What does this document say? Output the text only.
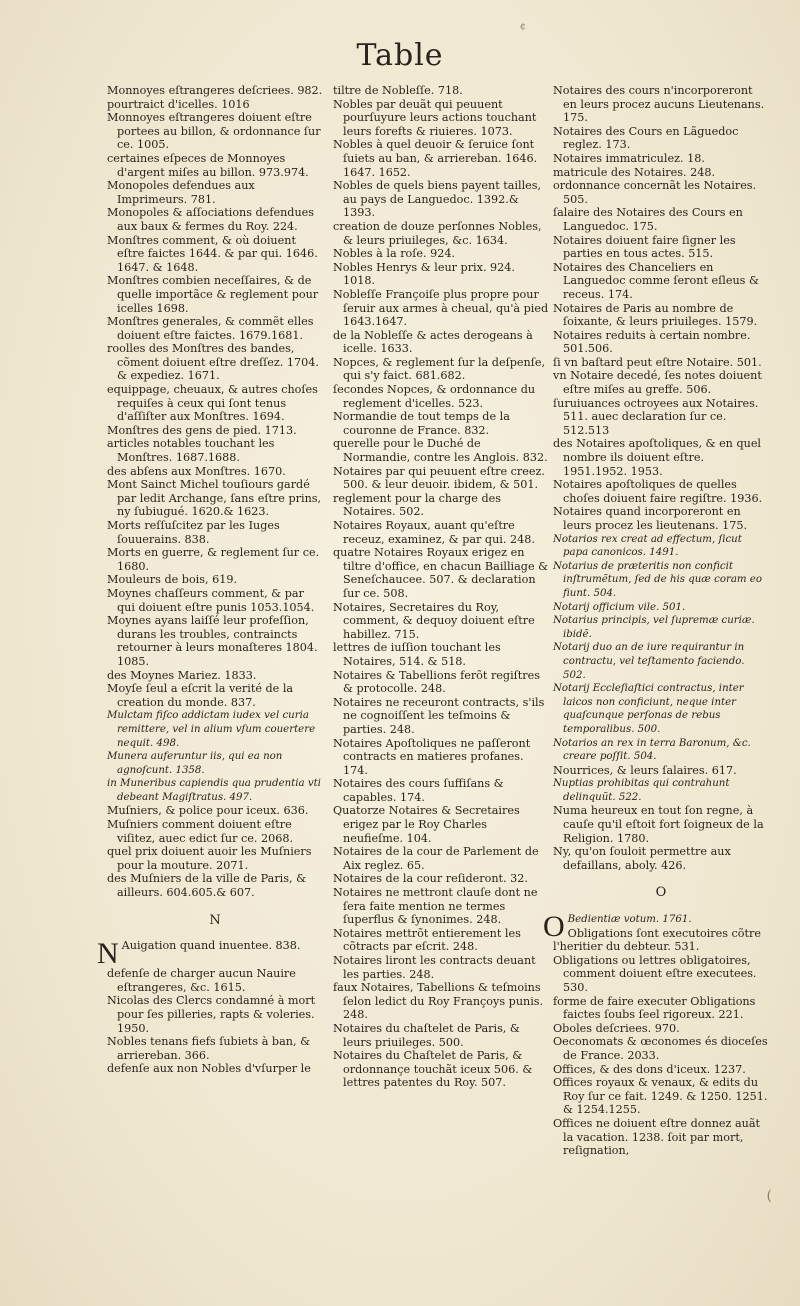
¢
Table

Monnoyes eſtrangeres deſcriees. 982.

pourtraict d'icelles. 1016

Monnoyes eſtrangeres doiuent eſtre portees au billon, & ordonnance ſur ce. 1005.

certaines eſpeces de Monnoyes d'argent miſes au billon. 973.974.

Monopoles defendues aux Imprimeurs. 781.

Monopoles & aſſociations defendues aux baux & fermes du Roy. 224.

Monſtres comment, & où doiuent eſtre faictes 1644. & par qui. 1646. 1647. & 1648.

Monſtres combien neceſſaires, & de quelle importãce & reglement pour icelles 1698.

Monſtres generales, & commẽt elles doiuent eſtre faictes. 1679.1681.

roolles des Monſtres des bandes, cõment doiuent eſtre dreſſez. 1704. & expediez. 1671.

equippage, cheuaux, & autres choſes requiſes à ceux qui ſont tenus d'aſſiſter aux Monſtres. 1694.

Monſtres des gens de pied. 1713.

articles notables touchant les Monſtres. 1687.1688.

des abſens aux Monſtres. 1670.

Mont Sainct Michel touſiours gardé par ledit Archange, ſans eſtre prins, ny ſubiugué. 1620.& 1623.

Morts reſſuſcitez par les Iuges ſouuerains. 838.

Morts en guerre, & reglement ſur ce. 1680.

Mouleurs de bois, 619.

Moynes chaſſeurs comment, & par qui doiuent eſtre punis 1053.1054.

Moynes ayans laiſſé leur profeſſion, durans les troubles, contraincts retourner à leurs monaſteres 1804. 1085.

des Moynes Mariez. 1833.

Moyſe ſeul a eſcrit la verité de la creation du monde. 837.

Mulctam fiſco addictam iudex vel curia remittere, vel in alium vſum couertere nequit. 498.

Munera auferuntur iis, qui ea non agnoſcunt. 1358.

in Muneribus capiendis qua prudentia vti debeant Magiſtratus. 497.

Muſniers, & police pour iceux. 636.

Muſniers comment doiuent eſtre viſitez, auec edict ſur ce. 2068.

quel prix doiuent auoir les Muſniers pour la mouture. 2071.

des Muſniers de la ville de Paris, & ailleurs. 604.605.& 607.

N

N Auigation quand inuentee. 838.

defenſe de charger aucun Nauire eſtrangeres, &c. 1615.

Nicolas des Clercs condamné à mort pour ſes pilleries, rapts & voleries. 1950.

Nobles tenans fiefs ſubiets à ban, & arriereban. 366.

defenſe aux non Nobles d'vſurper le

tiltre de Nobleſſe. 718.

Nobles par deuãt qui peuuent pourſuyure leurs actions touchant leurs forefts & riuieres. 1073.

Nobles à quel deuoir & ſeruice ſont ſuiets au ban, & arriereban. 1646. 1647. 1652.

Nobles de quels biens payent tailles, au pays de Languedoc. 1392.& 1393.

creation de douze perſonnes Nobles, & leurs priuileges, &c. 1634.

Nobles à la roſe. 924.

Nobles Henrys & leur prix. 924. 1018.

Nobleſſe Françoiſe plus propre pour ſeruir aux armes à cheual, qu'à pied 1643.1647.

de la Nobleſſe & actes derogeans à icelle. 1633.

Nopces, & reglement ſur la deſpenſe, qui s'y faict. 681.682.

ſecondes Nopces, & ordonnance du reglement d'icelles. 523.

Normandie de tout temps de la couronne de France. 832.

querelle pour le Duché de Normandie, contre les Anglois. 832.

Notaires par qui peuuent eſtre creez. 500. & leur deuoir. ibidem, & 501.

reglement pour la charge des Notaires. 502.

Notaires Royaux, auant qu'eſtre receuz, examinez, & par qui. 248.

quatre Notaires Royaux erigez en tiltre d'office, en chacun Bailliage & Seneſchaucee. 507. & declaration ſur ce. 508.

Notaires, Secretaires du Roy, comment, & dequoy doiuent eſtre habillez. 715.

lettres de iuſſion touchant les Notaires, 514. & 518.

Notaires & Tabellions ferõt regiſtres & protocolle. 248.

Notaires ne receuront contracts, s'ils ne cognoiſſent les teſmoins & parties. 248.

Notaires Apoſtoliques ne paſſeront contracts en matieres profanes. 174.

Notaires des cours ſuffiſans & capables. 174.

Quatorze Notaires & Secretaires erigez par le Roy Charles neufieſme. 104.

Notaires de la cour de Parlement de Aix reglez. 65.

Notaires de la cour reſideront. 32.

Notaires ne mettront clauſe dont ne ſera faite mention ne termes ſuperflus & ſynonimes. 248.

Notaires mettrõt entierement les cõtracts par eſcrit. 248.

Notaires liront les contracts deuant les parties. 248.

faux Notaires, Tabellions & teſmoins ſelon ledict du Roy Françoys punis. 248.

Notaires du chaſtelet de Paris, & leurs priuileges. 500.

Notaires du Chaſtelet de Paris, & ordonnançe touchãt iceux 506. & lettres patentes du Roy. 507.

Notaires des cours n'incorporeront en leurs procez aucuns Lieutenans. 175.

Notaires des Cours en Lãguedoc reglez. 173.

Notaires immatriculez. 18.

matricule des Notaires. 248.

ordonnance concernãt les Notaires. 505.

ſalaire des Notaires des Cours en Languedoc. 175.

Notaires doiuent faire ſigner les parties en tous actes. 515.

Notaires des Chanceliers en Languedoc comme ſeront eſleus & receus. 174.

Notaires de Paris au nombre de ſoixante, & leurs priuileges. 1579.

Notaires reduits à certain nombre. 501.506.

ſi vn baſtard peut eſtre Notaire. 501.

vn Notaire decedé, ſes notes doiuent eſtre miſes au greffe. 506.

ſuruiuances octroyees aux Notaires. 511. auec declaration ſur ce. 512.513

des Notaires apoſtoliques, & en quel nombre ils doiuent eſtre. 1951.1952. 1953.

Notaires apoſtoliques de quelles choſes doiuent faire regiſtre. 1936.

Notaires quand incorporeront en leurs procez les lieutenans. 175.

Notarios rex creat ad effectum, ſicut papa canonicos. 1491.

Notarius de præteritis non conficit inſtrumẽtum, ſed de his quæ coram eo fiunt. 504.

Notarij officium vile. 501.

Notarius principis, vel ſupremæ curiæ. ibidẽ.

Notarij duo an de iure requirantur in contractu, vel teſtamento faciendo. 502.

Notarij Eccleſiaſtici contractus, inter laicos non conficiunt, neque inter quaſcunque perſonas de rebus temporalibus. 500.

Notarios an rex in terra Baronum, &c. creare poſſit. 504.

Nourrices, & leurs ſalaires. 617.

Nuptias prohibitas qui contrahunt delinquũt. 522.

Numa heureux en tout ſon regne, à cauſe qu'il eſtoit fort ſoigneux de la Religion. 1780.

Ny, qu'on ſouloit permettre aux defaillans, aboly. 426.

O

O Bedientiæ votum. 1761.
Obligations ſont executoires cõtre l'heritier du debteur. 531.

Obligations ou lettres obligatoires, comment doiuent eſtre executees. 530.

forme de faire executer Obligations faictes ſoubs ſeel rigoreux. 221.

Oboles deſcriees. 970.

Oeconomats & œconomes és dioceſes de France. 2033.

Offices, & des dons d'iceux. 1237.

Offices royaux & venaux, & edits du Roy ſur ce fait. 1249. & 1250. 1251. & 1254.1255.

Offices ne doiuent eſtre donnez auãt la vacation. 1238. ſoit par mort, reſignation,

(
